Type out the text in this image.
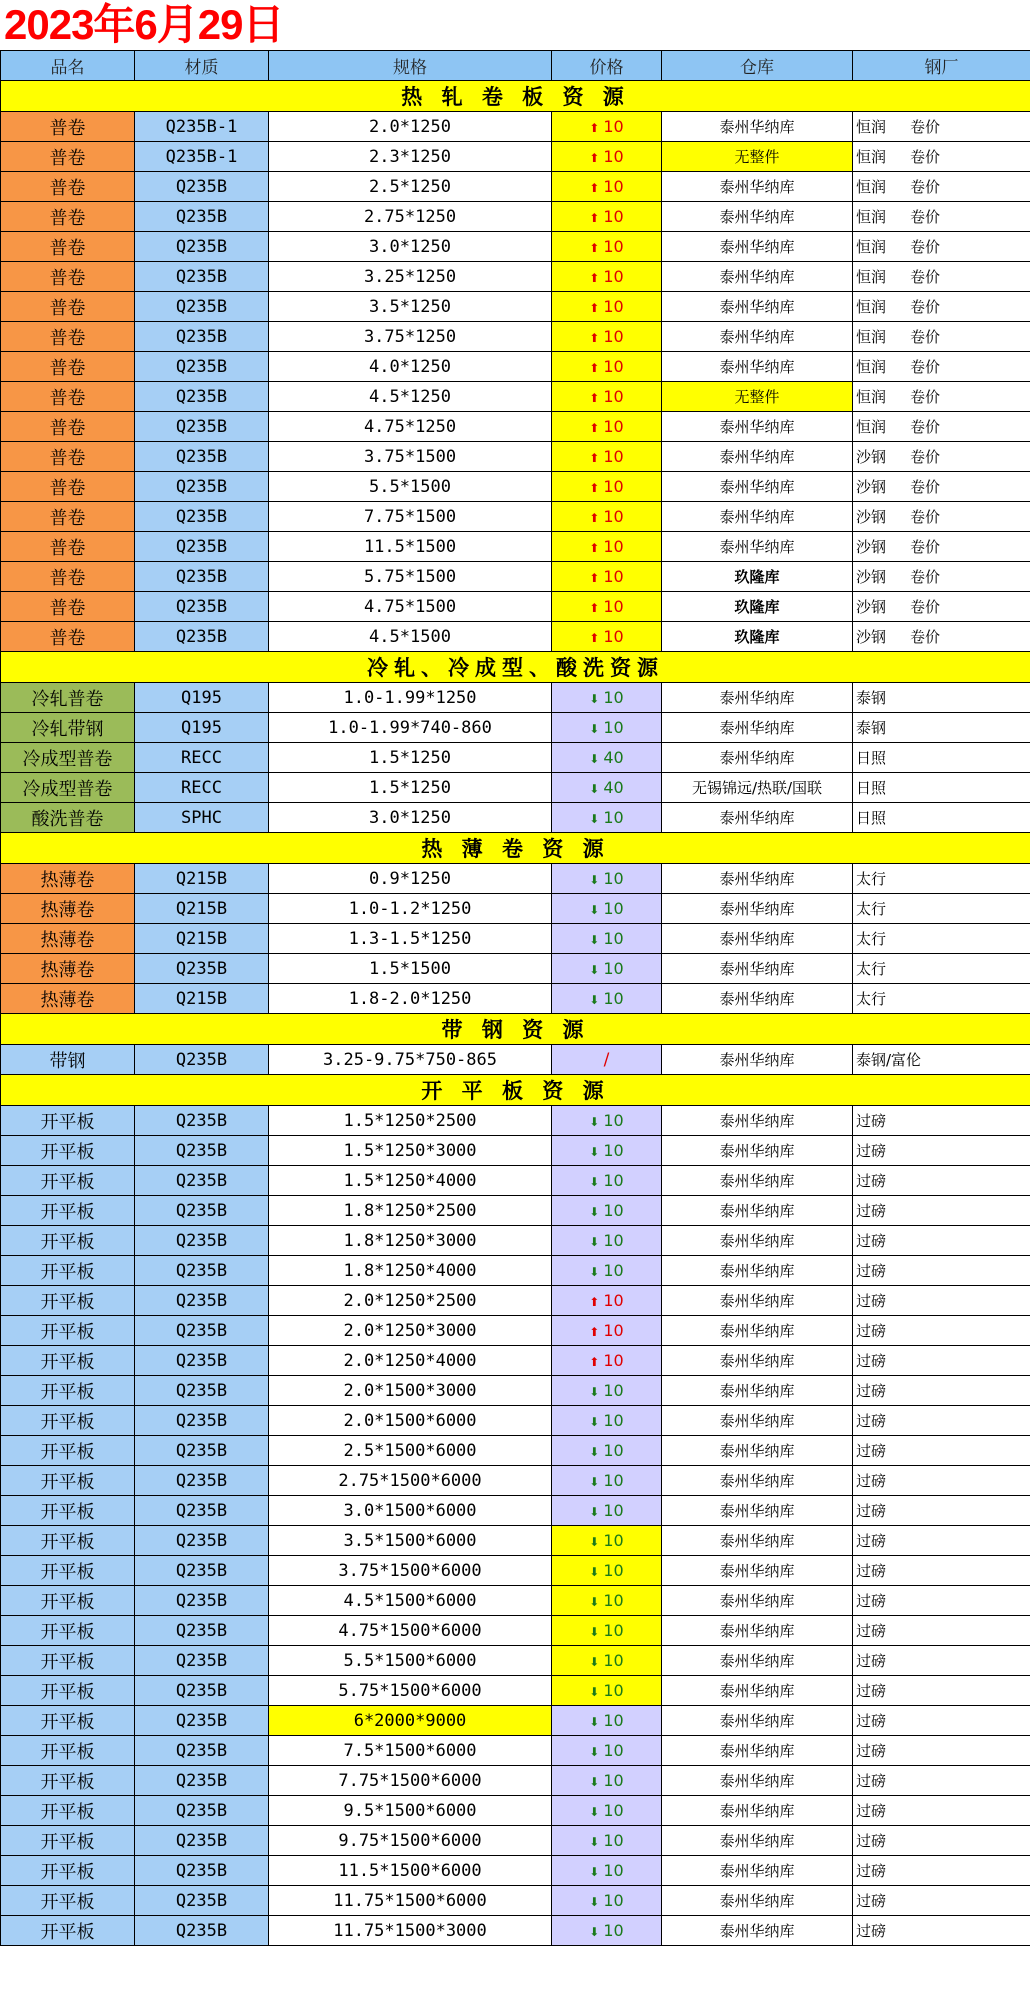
2023年6月29日
品名	材质	规格	价格	仓库	钢厂
热 轧 卷 板 资 源					
普卷	Q235B-1	2.0*1250	⬆ 10	泰州华纳库	恒润 卷价
普卷	Q235B-1	2.3*1250	⬆ 10	无整件	恒润 卷价
普卷	Q235B	2.5*1250	⬆ 10	泰州华纳库	恒润 卷价
普卷	Q235B	2.75*1250	⬆ 10	泰州华纳库	恒润 卷价
普卷	Q235B	3.0*1250	⬆ 10	泰州华纳库	恒润 卷价
普卷	Q235B	3.25*1250	⬆ 10	泰州华纳库	恒润 卷价
普卷	Q235B	3.5*1250	⬆ 10	泰州华纳库	恒润 卷价
普卷	Q235B	3.75*1250	⬆ 10	泰州华纳库	恒润 卷价
普卷	Q235B	4.0*1250	⬆ 10	泰州华纳库	恒润 卷价
普卷	Q235B	4.5*1250	⬆ 10	无整件	恒润 卷价
普卷	Q235B	4.75*1250	⬆ 10	泰州华纳库	恒润 卷价
普卷	Q235B	3.75*1500	⬆ 10	泰州华纳库	沙钢 卷价
普卷	Q235B	5.5*1500	⬆ 10	泰州华纳库	沙钢 卷价
普卷	Q235B	7.75*1500	⬆ 10	泰州华纳库	沙钢 卷价
普卷	Q235B	11.5*1500	⬆ 10	泰州华纳库	沙钢 卷价
普卷	Q235B	5.75*1500	⬆ 10	玖隆库	沙钢 卷价
普卷	Q235B	4.75*1500	⬆ 10	玖隆库	沙钢 卷价
普卷	Q235B	4.5*1500	⬆ 10	玖隆库	沙钢 卷价
冷轧、冷成型、酸洗资源					
冷轧普卷	Q195	1.0-1.99*1250	⬇ 10	泰州华纳库	泰钢
冷轧带钢	Q195	1.0-1.99*740-860	⬇ 10	泰州华纳库	泰钢
冷成型普卷	RECC	1.5*1250	⬇ 40	泰州华纳库	日照
冷成型普卷	RECC	1.5*1250	⬇ 40	无锡锦远/热联/国联	日照
酸洗普卷	SPHC	3.0*1250	⬇ 10	泰州华纳库	日照
热 薄 卷 资 源					
热薄卷	Q215B	0.9*1250	⬇ 10	泰州华纳库	太行
热薄卷	Q215B	1.0-1.2*1250	⬇ 10	泰州华纳库	太行
热薄卷	Q215B	1.3-1.5*1250	⬇ 10	泰州华纳库	太行
热薄卷	Q235B	1.5*1500	⬇ 10	泰州华纳库	太行
热薄卷	Q215B	1.8-2.0*1250	⬇ 10	泰州华纳库	太行
带 钢 资 源					
带钢	Q235B	3.25-9.75*750-865	/	泰州华纳库	泰钢/富伦
开 平 板 资 源					
开平板	Q235B	1.5*1250*2500	⬇ 10	泰州华纳库	过磅
开平板	Q235B	1.5*1250*3000	⬇ 10	泰州华纳库	过磅
开平板	Q235B	1.5*1250*4000	⬇ 10	泰州华纳库	过磅
开平板	Q235B	1.8*1250*2500	⬇ 10	泰州华纳库	过磅
开平板	Q235B	1.8*1250*3000	⬇ 10	泰州华纳库	过磅
开平板	Q235B	1.8*1250*4000	⬇ 10	泰州华纳库	过磅
开平板	Q235B	2.0*1250*2500	⬆ 10	泰州华纳库	过磅
开平板	Q235B	2.0*1250*3000	⬆ 10	泰州华纳库	过磅
开平板	Q235B	2.0*1250*4000	⬆ 10	泰州华纳库	过磅
开平板	Q235B	2.0*1500*3000	⬇ 10	泰州华纳库	过磅
开平板	Q235B	2.0*1500*6000	⬇ 10	泰州华纳库	过磅
开平板	Q235B	2.5*1500*6000	⬇ 10	泰州华纳库	过磅
开平板	Q235B	2.75*1500*6000	⬇ 10	泰州华纳库	过磅
开平板	Q235B	3.0*1500*6000	⬇ 10	泰州华纳库	过磅
开平板	Q235B	3.5*1500*6000	⬇ 10	泰州华纳库	过磅
开平板	Q235B	3.75*1500*6000	⬇ 10	泰州华纳库	过磅
开平板	Q235B	4.5*1500*6000	⬇ 10	泰州华纳库	过磅
开平板	Q235B	4.75*1500*6000	⬇ 10	泰州华纳库	过磅
开平板	Q235B	5.5*1500*6000	⬇ 10	泰州华纳库	过磅
开平板	Q235B	5.75*1500*6000	⬇ 10	泰州华纳库	过磅
开平板	Q235B	6*2000*9000	⬇ 10	泰州华纳库	过磅
开平板	Q235B	7.5*1500*6000	⬇ 10	泰州华纳库	过磅
开平板	Q235B	7.75*1500*6000	⬇ 10	泰州华纳库	过磅
开平板	Q235B	9.5*1500*6000	⬇ 10	泰州华纳库	过磅
开平板	Q235B	9.75*1500*6000	⬇ 10	泰州华纳库	过磅
开平板	Q235B	11.5*1500*6000	⬇ 10	泰州华纳库	过磅
开平板	Q235B	11.75*1500*6000	⬇ 10	泰州华纳库	过磅
开平板	Q235B	11.75*1500*3000	⬇ 10	泰州华纳库	过磅
